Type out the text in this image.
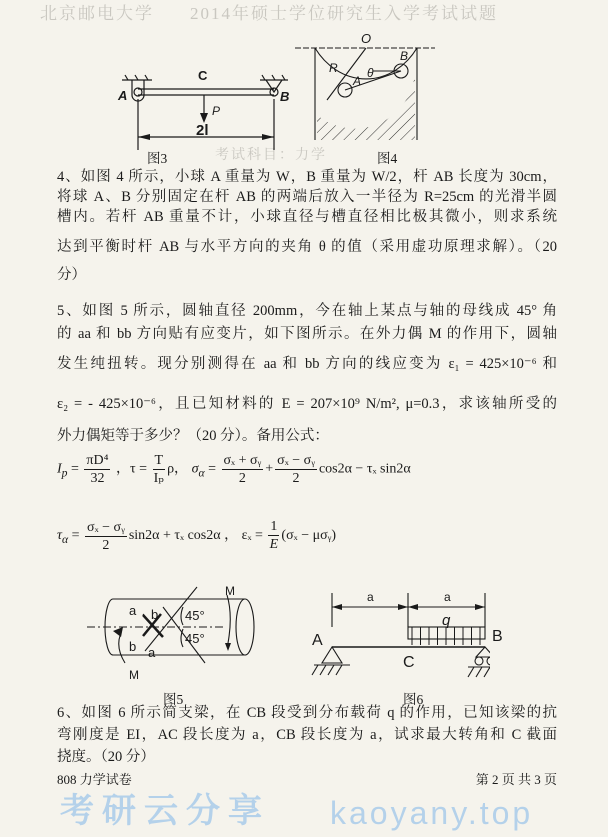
北京邮电大学 2014年硕士学位研究生入学考试试题
考试科目：力学
A	B
C
P
2l
图3
O
R
A
B
θ
图4
4、如图 4 所示，小球 A 重量为 W，B 重量为 W/2，杆 AB 长度为 30cm，
将球 A、B 分别固定在杆 AB 的两端后放入一半径为 R=25cm 的光滑半圆
槽内。若杆 AB 重量不计，小球直径与槽直径相比极其微小，则求系统
达到平衡时杆 AB 与水平方向的夹角 θ 的值（采用虚功原理求解）。（20
分）
5、如图 5 所示，圆轴直径 200mm，今在轴上某点与轴的母线成 45° 角
的 aa 和 bb 方向贴有应变片，如下图所示。在外力偶 M 的作用下，圆轴
发生纯扭转。现分别测得在 aa 和 bb 方向的线应变为 ε₁ = 425×10⁻⁶ 和
ε₂ = - 425×10⁻⁶，且已知材料的 E = 207×10⁹ N/m², μ=0.3，求该轴所受的
外力偶矩等于多少？（20 分）。备用公式：
$I_p = \frac{\text{πD⁴}}{32}$ ，$\tau = \frac{T}{\text{Iₚ}}$ ρ， $\sigma_\alpha = \frac{\text{σₓ + σᵧ}}{2} + \frac{\text{σₓ − σᵧ}}{2} \cos 2\alpha - \tau_x$ sin2α
$\tau_\alpha = \frac{\text{σₓ − σᵧ}}{2} \sin 2\alpha + \tau_x$ cos2α ， $\varepsilon_x = \frac{1}{E} (\sigma_x$ − μσᵧ)
M
M
a
a
b
b
45°
45°
图5
a	a
q
A
C
B
图6
6、如图 6 所示简支梁，在 CB 段受到分布载荷 q 的作用，已知该梁的抗
弯刚度是 EI，AC 段长度为 a，CB 段长度为 a，试求最大转角和 C 截面
挠度。（20 分）
808 力学试卷	第 2 页 共 3 页
考研云分享 kaoyany.top
